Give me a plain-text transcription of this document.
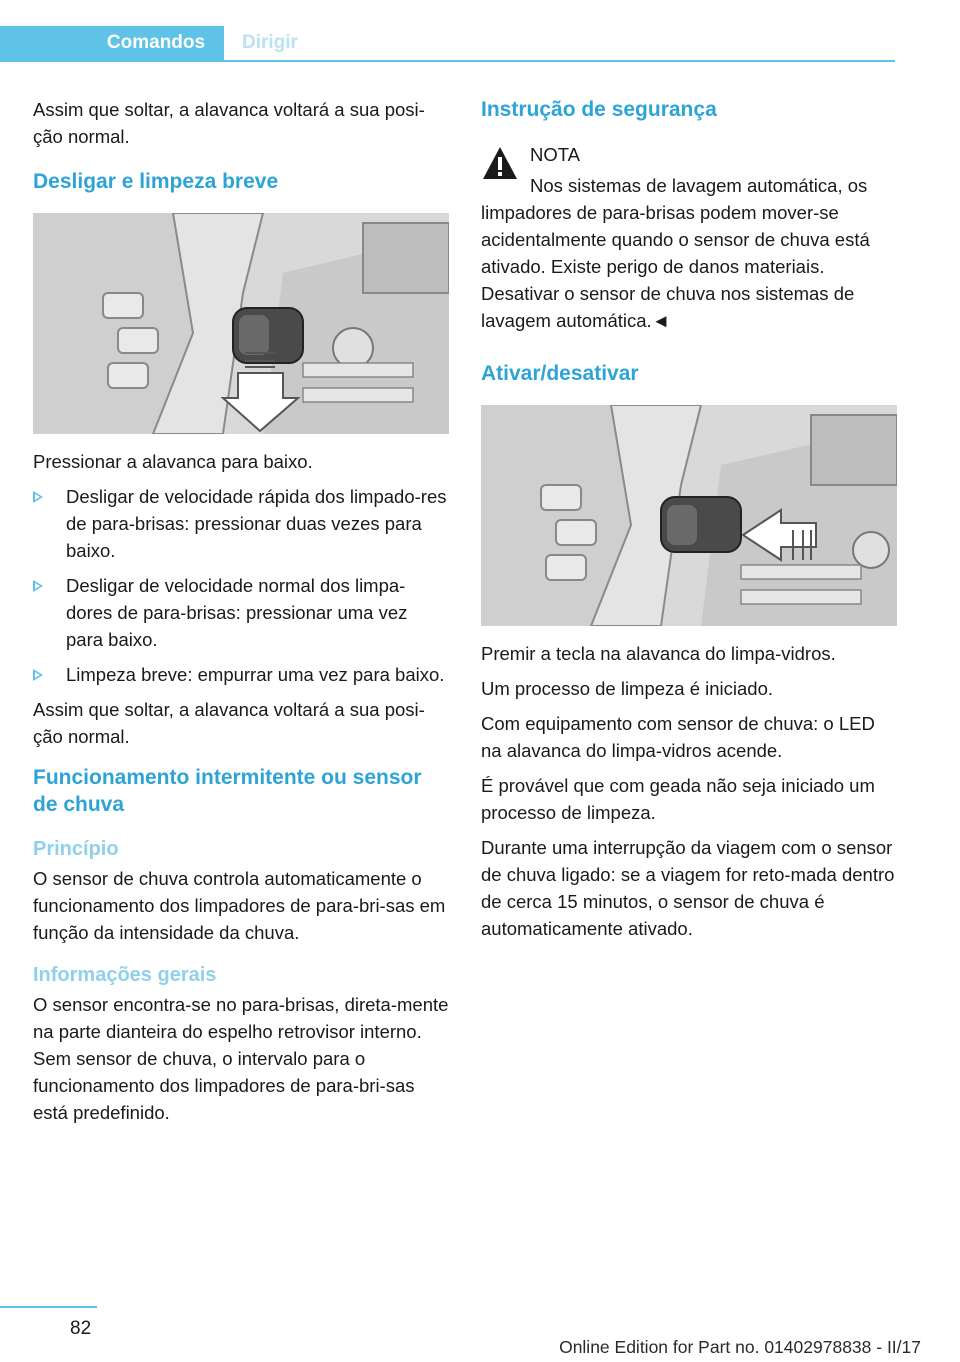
Comandos	Dirigir

Assim que soltar, a alavanca voltará a sua posi-ção normal.

Desligar e limpeza breve

Pressionar a alavanca para baixo.

Desligar de velocidade rápida dos limpado-res de para-brisas: pressionar duas vezes para baixo.
Desligar de velocidade normal dos limpa-dores de para-brisas: pressionar uma vez para baixo.
Limpeza breve: empurrar uma vez para baixo.

Assim que soltar, a alavanca voltará a sua posi-ção normal.

Funcionamento intermitente ou sensor de chuva
Princípio

O sensor de chuva controla automaticamente o funcionamento dos limpadores de para-bri-sas em função da intensidade da chuva.

Informações gerais

O sensor encontra-se no para-brisas, direta-mente na parte dianteira do espelho retrovisor interno. Sem sensor de chuva, o intervalo para o funcionamento dos limpadores de para-bri-sas está predefinido.

Instrução de segurança

NOTA

Nos sistemas de lavagem automática, os limpadores de para-brisas podem mover-se acidentalmente quando o sensor de chuva está ativado. Existe perigo de danos materiais. Desativar o sensor de chuva nos sistemas de lavagem automática.◄

Ativar/desativar

Premir a tecla na alavanca do limpa-vidros.

Um processo de limpeza é iniciado.

Com equipamento com sensor de chuva: o LED na alavanca do limpa-vidros acende.

É provável que com geada não seja iniciado um processo de limpeza.

Durante uma interrupção da viagem com o sensor de chuva ligado: se a viagem for reto-mada dentro de cerca 15 minutos, o sensor de chuva é automaticamente ativado.

82
Online Edition for Part no. 01402978838 - II/17
